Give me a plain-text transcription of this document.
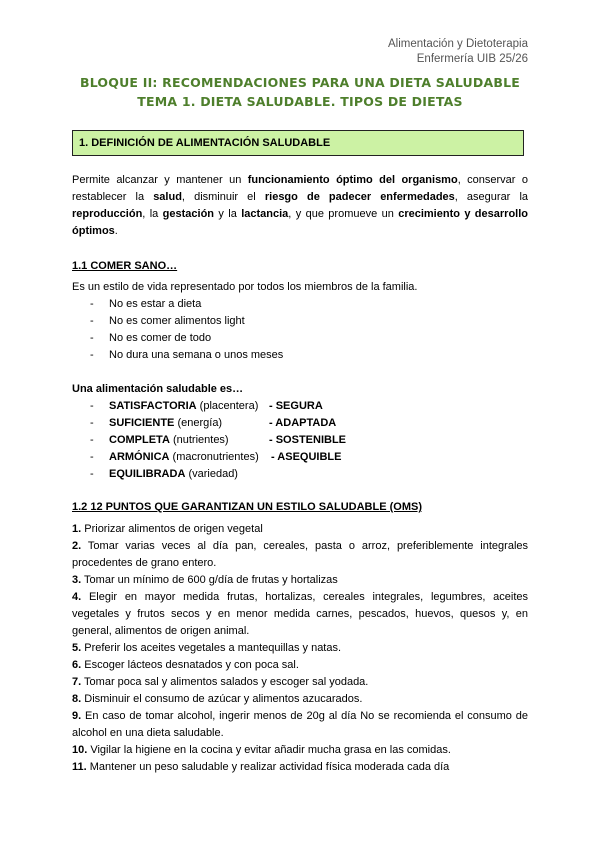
Alimentación y Dietoterapia
Enfermería UIB 25/26
BLOQUE II: RECOMENDACIONES PARA UNA DIETA SALUDABLE
TEMA 1. DIETA SALUDABLE. TIPOS DE DIETAS
1. DEFINICIÓN DE ALIMENTACIÓN SALUDABLE
Permite alcanzar y mantener un funcionamiento óptimo del organismo, conservar o restablecer la salud, disminuir el riesgo de padecer enfermedades, asegurar la reproducción, la gestación y la lactancia, y que promueve un crecimiento y desarrollo óptimos.
1.1 COMER SANO…
Es un estilo de vida representado por todos los miembros de la familia.
-	No es estar a dieta
-	No es comer alimentos light
-	No es comer de todo
-	No dura una semana o unos meses
Una alimentación saludable es…
-	SATISFACTORIA (placentera) - SEGURA
-	SUFICIENTE (energía)	- ADAPTADA
-	COMPLETA (nutrientes)	- SOSTENIBLE
-	ARMÓNICA (macronutrientes)	- ASEQUIBLE
-	EQUILIBRADA (variedad)
1.2 12 PUNTOS QUE GARANTIZAN UN ESTILO SALUDABLE (OMS)
1. Priorizar alimentos de origen vegetal
2. Tomar varias veces al día pan, cereales, pasta o arroz, preferiblemente integrales procedentes de grano entero.
3. Tomar un mínimo de 600 g/día de frutas y hortalizas
4. Elegir en mayor medida frutas, hortalizas, cereales integrales, legumbres, aceites vegetales y frutos secos y en menor medida carnes, pescados, huevos, quesos y, en general, alimentos de origen animal.
5. Preferir los aceites vegetales a mantequillas y natas.
6. Escoger lácteos desnatados y con poca sal.
7. Tomar poca sal y alimentos salados y escoger sal yodada.
8. Disminuir el consumo de azúcar y alimentos azucarados.
9. En caso de tomar alcohol, ingerir menos de 20g al día No se recomienda el consumo de alcohol en una dieta saludable.
10. Vigilar la higiene en la cocina y evitar añadir mucha grasa en las comidas.
11. Mantener un peso saludable y realizar actividad física moderada cada día
